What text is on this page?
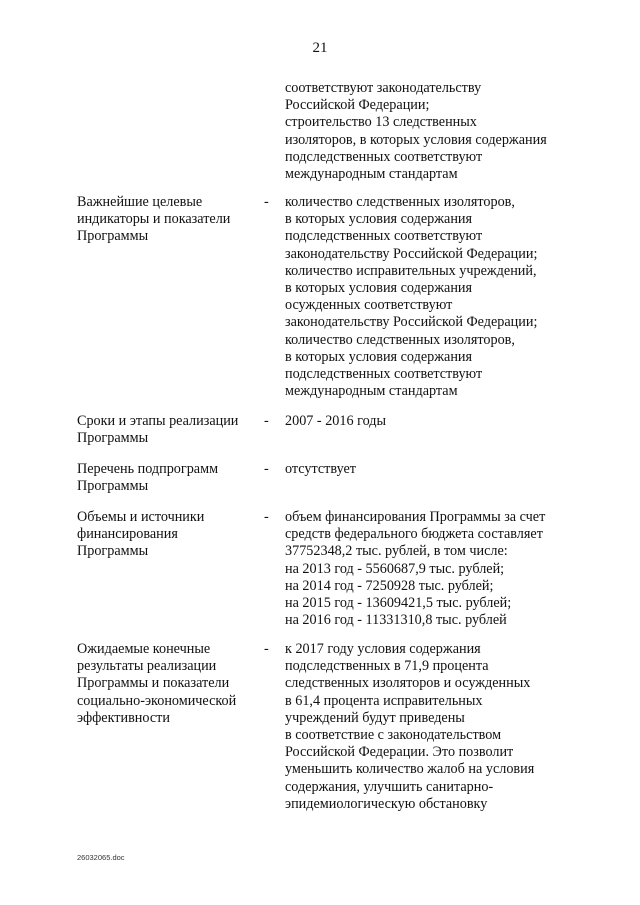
21
соответствуют законодательству
Российской Федерации;
строительство 13 следственных
изоляторов, в которых условия содержания
подследственных соответствуют
международным стандартам
Важнейшие целевые
индикаторы и показатели
Программы
- количество следственных изоляторов,
в которых условия содержания
подследственных соответствуют
законодательству Российской Федерации;
количество исправительных учреждений,
в которых условия содержания
осужденных соответствуют
законодательству Российской Федерации;
количество следственных изоляторов,
в которых условия содержания
подследственных соответствуют
международным стандартам
Сроки и этапы реализации
Программы
- 2007 - 2016 годы
Перечень подпрограмм
Программы
- отсутствует
Объемы и источники
финансирования
Программы
- объем финансирования Программы за счет
средств федерального бюджета составляет
37752348,2 тыс. рублей, в том числе:
на 2013 год - 5560687,9 тыс. рублей;
на 2014 год - 7250928 тыс. рублей;
на 2015 год - 13609421,5 тыс. рублей;
на 2016 год - 11331310,8 тыс. рублей
Ожидаемые конечные
результаты реализации
Программы и показатели
социально-экономической
эффективности
- к 2017 году условия содержания
подследственных в 71,9 процента
следственных изоляторов и осужденных
в 61,4 процента исправительных
учреждений будут приведены
в соответствие с законодательством
Российской Федерации. Это позволит
уменьшить количество жалоб на условия
содержания, улучшить санитарно-
эпидемиологическую обстановку
26032065.doc
